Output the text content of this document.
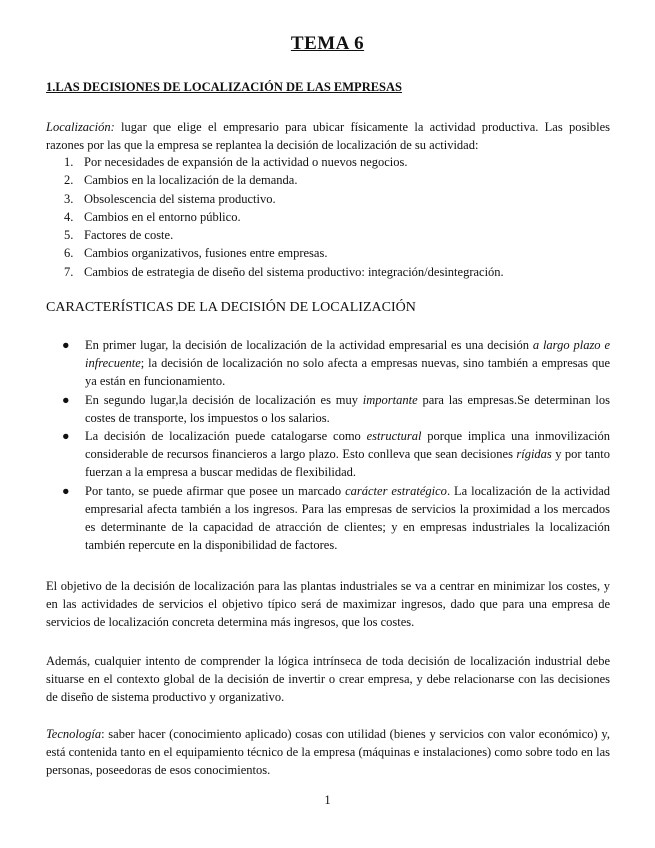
TEMA 6
1.LAS DECISIONES DE LOCALIZACIÓN DE LAS EMPRESAS
Localización: lugar que elige el empresario para ubicar físicamente la actividad productiva. Las posibles razones por las que la empresa se replantea la decisión de localización de su actividad:
1. Por necesidades de expansión de la actividad o nuevos negocios.
2. Cambios en la localización de la demanda.
3. Obsolescencia del sistema productivo.
4. Cambios en el entorno público.
5. Factores de coste.
6. Cambios organizativos, fusiones entre empresas.
7. Cambios de estrategia de diseño del sistema productivo: integración/desintegración.
CARACTERÍSTICAS DE LA DECISIÓN DE LOCALIZACIÓN
● En primer lugar, la decisión de localización de la actividad empresarial es una decisión a largo plazo e infrecuente; la decisión de localización no solo afecta a empresas nuevas, sino también a empresas que ya están en funcionamiento.
● En segundo lugar,la decisión de localización es muy importante para las empresas.Se determinan los costes de transporte, los impuestos o los salarios.
● La decisión de localización puede catalogarse como estructural porque implica una inmovilización considerable de recursos financieros a largo plazo. Esto conlleva que sean decisiones rígidas y por tanto fuerzan a la empresa a buscar medidas de flexibilidad.
● Por tanto, se puede afirmar que posee un marcado carácter estratégico. La localización de la actividad empresarial afecta también a los ingresos. Para las empresas de servicios la proximidad a los mercados es determinante de la capacidad de atracción de clientes; y en empresas industriales la localización también repercute en la disponibilidad de factores.
El objetivo de la decisión de localización para las plantas industriales se va a centrar en minimizar los costes, y en las actividades de servicios el objetivo típico será de maximizar ingresos, dado que para una empresa de servicios de localización concreta determina más ingresos, que los costes.
Además, cualquier intento de comprender la lógica intrínseca de toda decisión de localización industrial debe situarse en el contexto global de la decisión de invertir o crear empresa, y debe relacionarse con las decisiones de diseño de sistema productivo y organizativo.
Tecnología: saber hacer (conocimiento aplicado) cosas con utilidad (bienes y servicios con valor económico) y, está contenida tanto en el equipamiento técnico de la empresa (máquinas e instalaciones) como sobre todo en las personas, poseedoras de esos conocimientos.
1
